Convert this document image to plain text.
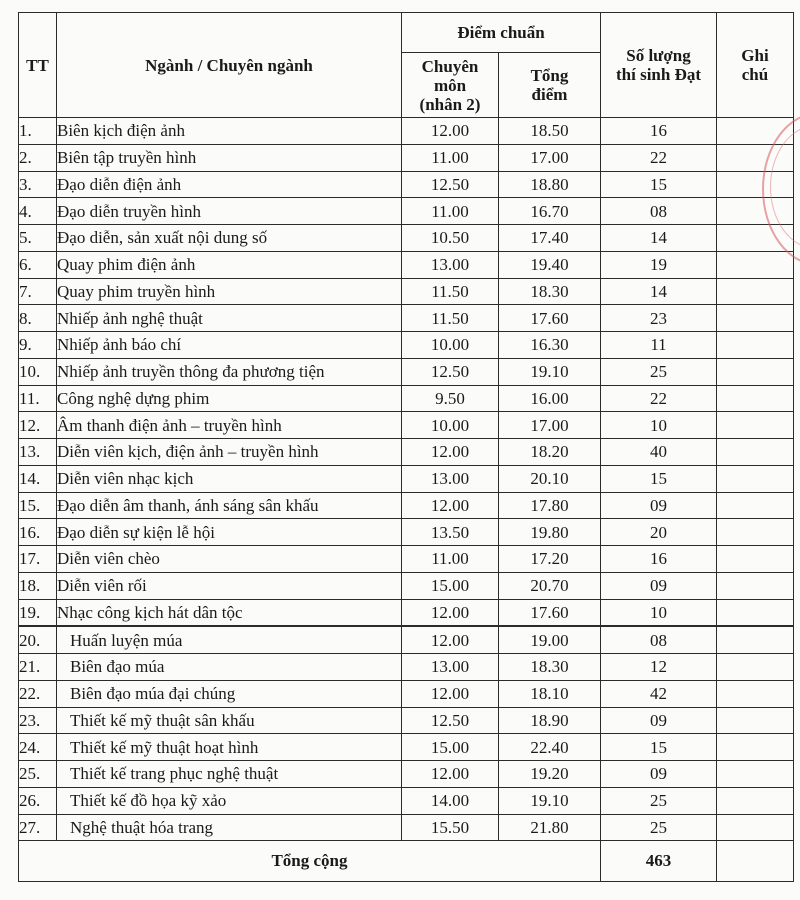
TT	Ngành / Chuyên ngành	Điểm chuẩn		Số lượng thí sinh Đạt	Ghi chú
		Chuyên môn (nhân 2)	Tổng điểm		
1.	Biên kịch điện ảnh	12.00	18.50	16	
2.	Biên tập truyền hình	11.00	17.00	22	
3.	Đạo diễn điện ảnh	12.50	18.80	15	
4.	Đạo diễn truyền hình	11.00	16.70	08	
5.	Đạo diễn, sản xuất nội dung số	10.50	17.40	14	
6.	Quay phim điện ảnh	13.00	19.40	19	
7.	Quay phim truyền hình	11.50	18.30	14	
8.	Nhiếp ảnh nghệ thuật	11.50	17.60	23	
9.	Nhiếp ảnh báo chí	10.00	16.30	11	
10.	Nhiếp ảnh truyền thông đa phương tiện	12.50	19.10	25	
11.	Công nghệ dựng phim	9.50	16.00	22	
12.	Âm thanh điện ảnh – truyền hình	10.00	17.00	10	
13.	Diễn viên kịch, điện ảnh – truyền hình	12.00	18.20	40	
14.	Diễn viên nhạc kịch	13.00	20.10	15	
15.	Đạo diễn âm thanh, ánh sáng sân khấu	12.00	17.80	09	
16.	Đạo diễn sự kiện lễ hội	13.50	19.80	20	
17.	Diễn viên chèo	11.00	17.20	16	
18.	Diễn viên rối	15.00	20.70	09	
19.	Nhạc công kịch hát dân tộc	12.00	17.60	10	
20.	Huấn luyện múa	12.00	19.00	08	
21.	Biên đạo múa	13.00	18.30	12	
22.	Biên đạo múa đại chúng	12.00	18.10	42	
23.	Thiết kế mỹ thuật sân khấu	12.50	18.90	09	
24.	Thiết kế mỹ thuật hoạt hình	15.00	22.40	15	
25.	Thiết kế trang phục nghệ thuật	12.00	19.20	09	
26.	Thiết kế đồ họa kỹ xảo	14.00	19.10	25	
27.	Nghệ thuật hóa trang	15.50	21.80	25	
Tổng cộng				463	
